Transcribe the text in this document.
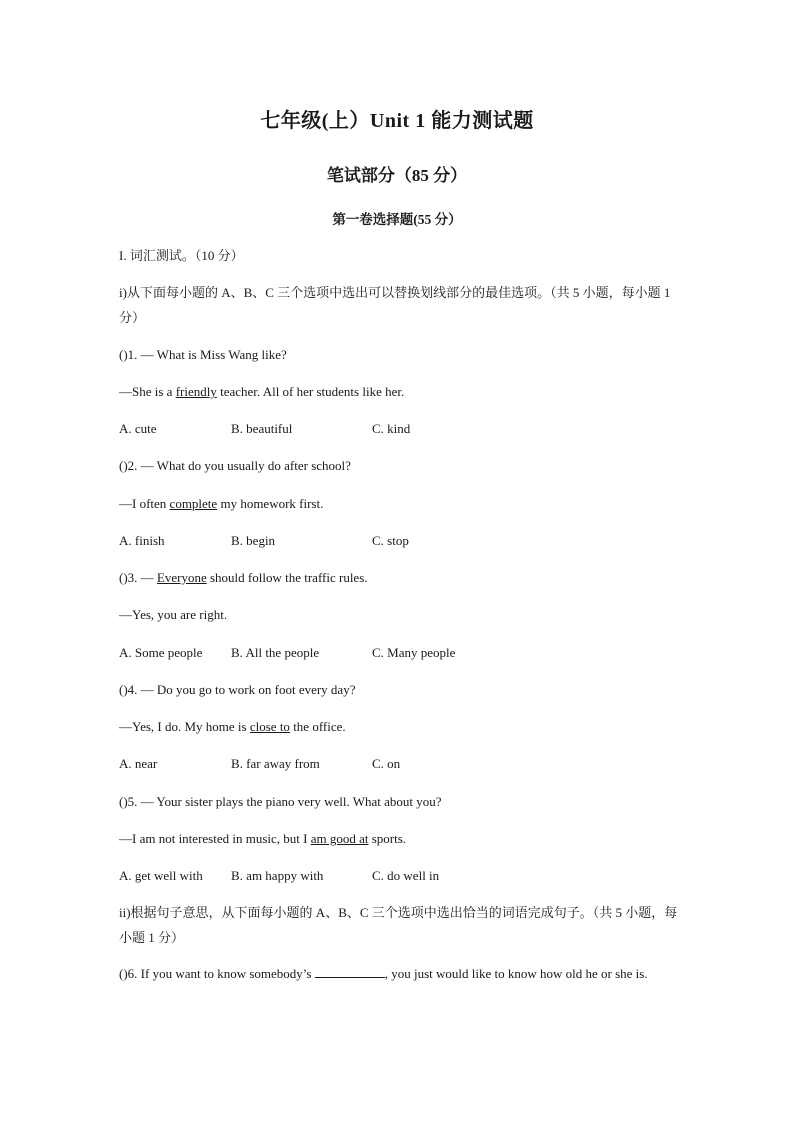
七年级(上）Unit 1 能力测试题
笔试部分（85 分）
第一卷选择题(55 分）
I. 词汇测试。（10 分）
i)从下面每小题的 A、B、C 三个选项中选出可以替换划线部分的最佳选项。（共 5 小题，每小题 1 分）
()1. — What is Miss Wang like?
—She is a friendly teacher. All of her students like her.
A. cute	B. beautiful	C. kind
()2. — What do you usually do after school?
—I often complete my homework first.
A. finish	B. begin	C. stop
()3. — Everyone should follow the traffic rules.
—Yes, you are right.
A. Some people B. All the people	C. Many people
()4. — Do you go to work on foot every day?
—Yes, I do. My home is close to the office.
A. near	B. far away from	C. on
()5. — Your sister plays the piano very well. What about you?
—I am not interested in music, but I am good at sports.
A. get well with B. am happy with	C. do well in
ii)根据句子意思，从下面每小题的 A、B、C 三个选项中选出恰当的词语完成句子。（共 5 小题，每小题 1 分）
()6. If you want to know somebody’s	, you just would like to know how old he or she is.
